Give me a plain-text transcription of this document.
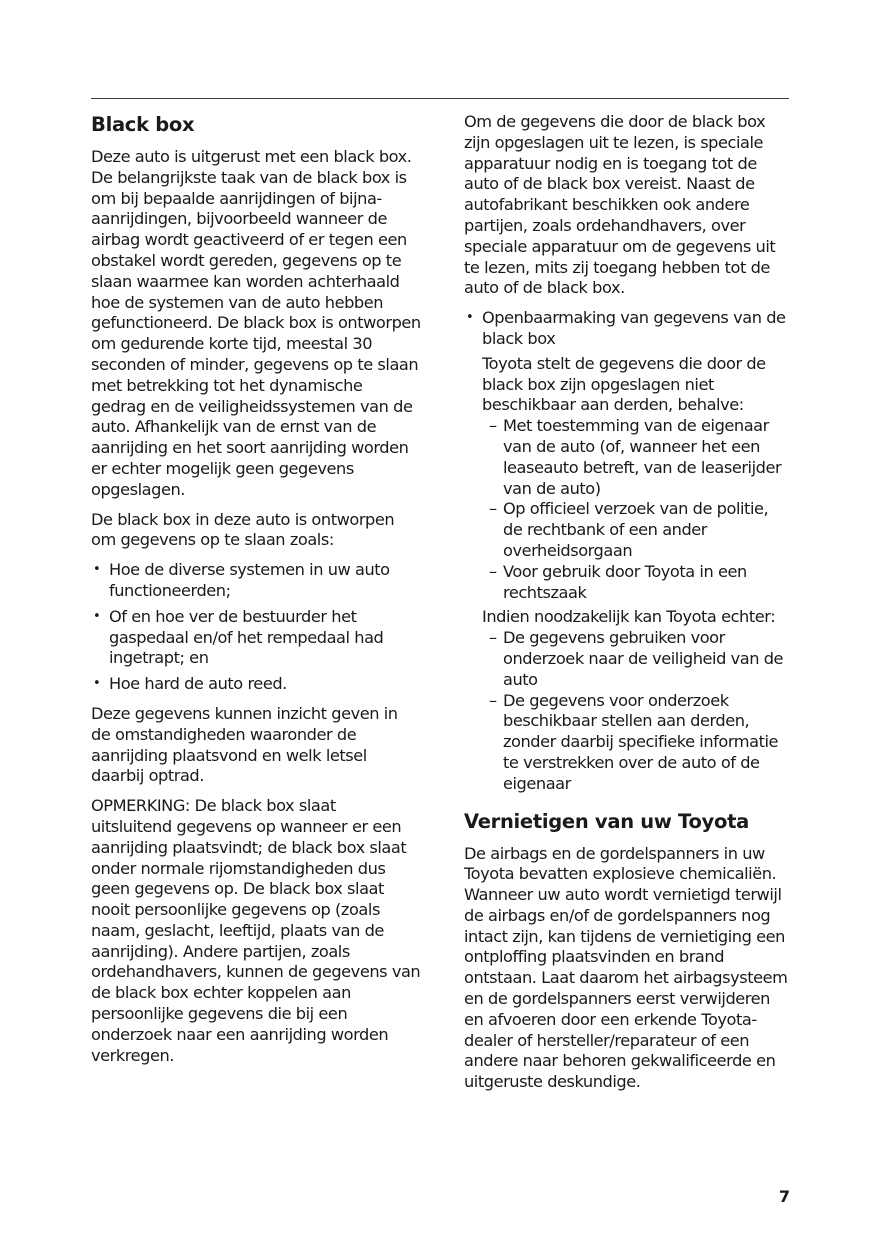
Black box

Deze auto is uitgerust met een black box. De belangrijkste taak van de black box is om bij bepaalde aanrijdingen of bijna-aanrijdingen, bijvoorbeeld wanneer de airbag wordt geactiveerd of er tegen een obstakel wordt gereden, gegevens op te slaan waarmee kan worden achterhaald hoe de systemen van de auto hebben gefunctioneerd. De black box is ontworpen om gedurende korte tijd, meestal 30 seconden of minder, gegevens op te slaan met betrekking tot het dynamische gedrag en de veiligheidssystemen van de auto. Afhankelijk van de ernst van de aanrijding en het soort aanrijding worden er echter mogelijk geen gegevens opgeslagen.

De black box in deze auto is ontworpen om gegevens op te slaan zoals:

• Hoe de diverse systemen in uw auto functioneerden;
• Of en hoe ver de bestuurder het gaspedaal en/of het rempedaal had ingetrapt; en
• Hoe hard de auto reed.

Deze gegevens kunnen inzicht geven in de omstandigheden waaronder de aanrijding plaatsvond en welk letsel daarbij optrad.

OPMERKING: De black box slaat uitsluitend gegevens op wanneer er een aanrijding plaatsvindt; de black box slaat onder normale rijomstandigheden dus geen gegevens op. De black box slaat nooit persoonlijke gegevens op (zoals naam, geslacht, leeftijd, plaats van de aanrijding). Andere partijen, zoals ordehandhavers, kunnen de gegevens van de black box echter koppelen aan persoonlijke gegevens die bij een onderzoek naar een aanrijding worden verkregen.

Om de gegevens die door de black box zijn opgeslagen uit te lezen, is speciale apparatuur nodig en is toegang tot de auto of de black box vereist. Naast de autofabrikant beschikken ook andere partijen, zoals ordehandhavers, over speciale apparatuur om de gegevens uit te lezen, mits zij toegang hebben tot de auto of de black box.

• Openbaarmaking van gegevens van de black box
Toyota stelt de gegevens die door de black box zijn opgeslagen niet beschikbaar aan derden, behalve:
– Met toestemming van de eigenaar van de auto (of, wanneer het een leaseauto betreft, van de leaserijder van de auto)
– Op officieel verzoek van de politie, de rechtbank of een ander overheidsorgaan
– Voor gebruik door Toyota in een rechtszaak
Indien noodzakelijk kan Toyota echter:
– De gegevens gebruiken voor onderzoek naar de veiligheid van de auto
– De gegevens voor onderzoek beschikbaar stellen aan derden, zonder daarbij specifieke informatie te verstrekken over de auto of de eigenaar
Vernietigen van uw Toyota

De airbags en de gordelspanners in uw Toyota bevatten explosieve chemicaliën. Wanneer uw auto wordt vernietigd terwijl de airbags en/of de gordelspanners nog intact zijn, kan tijdens de vernietiging een ontploffing plaatsvinden en brand ontstaan. Laat daarom het airbagsysteem en de gordelspanners eerst verwijderen en afvoeren door een erkende Toyota-dealer of hersteller/reparateur of een andere naar behoren gekwalificeerde en uitgeruste deskundige.

7
